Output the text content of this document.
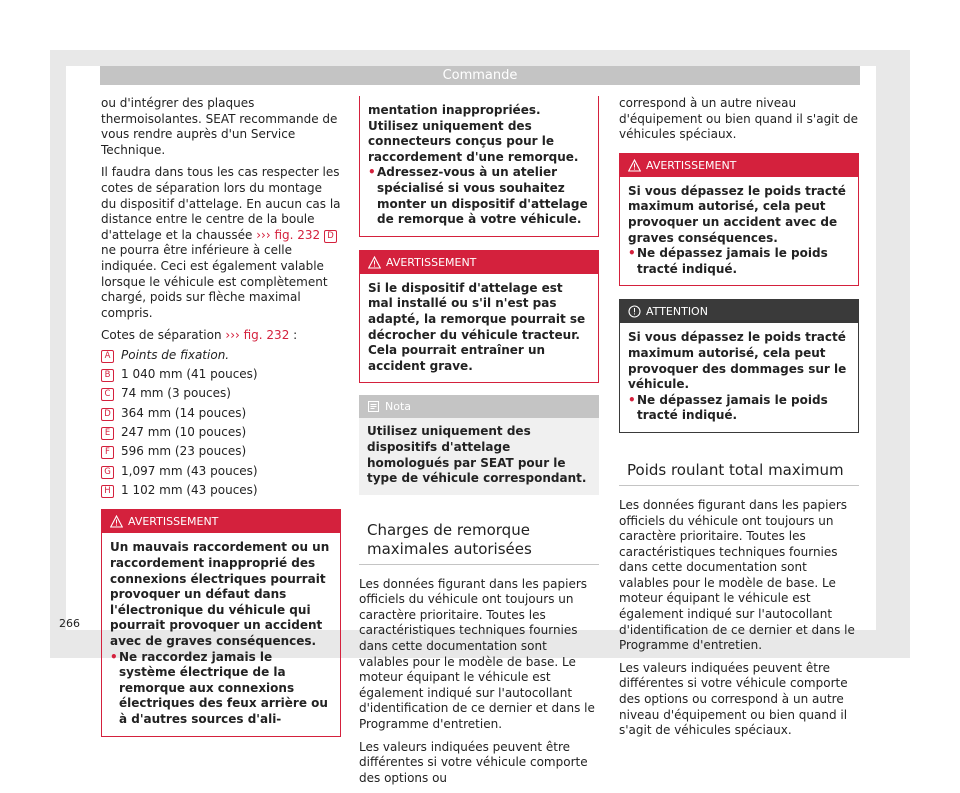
Commande

ou d'intégrer des plaques thermoisolantes. SEAT recommande de vous rendre auprès d'un Service Technique.

Il faudra dans tous les cas respecter les cotes de séparation lors du montage du dispositif d'attelage. En aucun cas la distance entre le centre de la boule d'attelage et la chaussée ››› fig. 232 D ne pourra être inférieure à celle indiquée. Ceci est également valable lorsque le véhicule est complètement chargé, poids sur flèche maximal compris.

Cotes de séparation ››› fig. 232 :

A Points de fixation.
B 1 040 mm (41 pouces)
C 74 mm (3 pouces)
D 364 mm (14 pouces)
E 247 mm (10 pouces)
F 596 mm (23 pouces)
G 1,097 mm (43 pouces)
H 1 102 mm (43 pouces)
AVERTISSEMENT

Un mauvais raccordement ou un raccordement inapproprié des connexions électriques pourrait provoquer un défaut dans l'électronique du véhicule qui pourrait provoquer un accident avec de graves conséquences.

• Ne raccordez jamais le système électrique de la remorque aux connexions électriques des feux arrière ou à d'autres sources d'ali-

mentation inappropriées. Utilisez uniquement des connecteurs conçus pour le raccordement d'une remorque.

• Adressez-vous à un atelier spécialisé si vous souhaitez monter un dispositif d'attelage de remorque à votre véhicule.

AVERTISSEMENT

Si le dispositif d'attelage est mal installé ou s'il n'est pas adapté, la remorque pourrait se décrocher du véhicule tracteur. Cela pourrait entraîner un accident grave.

Nota

Utilisez uniquement des dispositifs d'attelage homologués par SEAT pour le type de véhicule correspondant.

Charges de remorque maximales autorisées

Les données figurant dans les papiers officiels du véhicule ont toujours un caractère prioritaire. Toutes les caractéristiques techniques fournies dans cette documentation sont valables pour le modèle de base. Le moteur équipant le véhicule est également indiqué sur l'autocollant d'identification de ce dernier et dans le Programme d'entretien.

Les valeurs indiquées peuvent être différentes si votre véhicule comporte des options ou

correspond à un autre niveau d'équipement ou bien quand il s'agit de véhicules spéciaux.

AVERTISSEMENT

Si vous dépassez le poids tracté maximum autorisé, cela peut provoquer un accident avec de graves conséquences.

• Ne dépassez jamais le poids tracté indiqué.

ATTENTION

Si vous dépassez le poids tracté maximum autorisé, cela peut provoquer des dommages sur le véhicule.

• Ne dépassez jamais le poids tracté indiqué.

Poids roulant total maximum

Les données figurant dans les papiers officiels du véhicule ont toujours un caractère prioritaire. Toutes les caractéristiques techniques fournies dans cette documentation sont valables pour le modèle de base. Le moteur équipant le véhicule est également indiqué sur l'autocollant d'identification de ce dernier et dans le Programme d'entretien.

Les valeurs indiquées peuvent être différentes si votre véhicule comporte des options ou correspond à un autre niveau d'équipement ou bien quand il s'agit de véhicules spéciaux.

266
